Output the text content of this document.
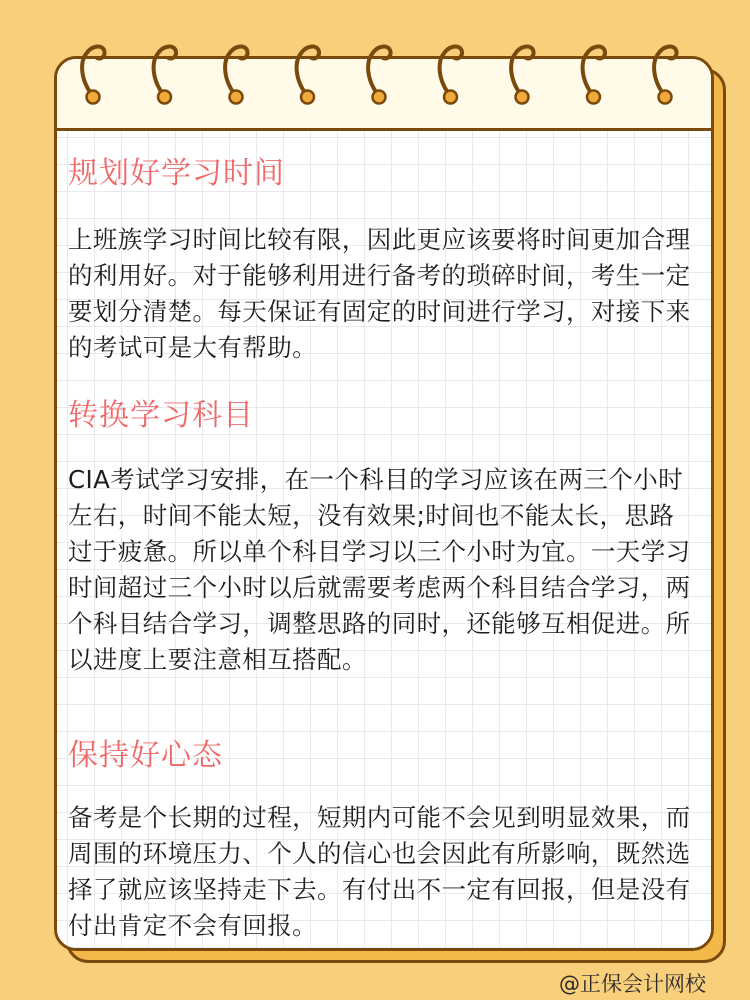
规划好学习时间

上班族学习时间比较有限，因此更应该要将时间更加合理的利用好。对于能够利用进行备考的琐碎时间，考生一定要划分清楚。每天保证有固定的时间进行学习，对接下来的考试可是大有帮助。

转换学习科目

CIA考试学习安排，在一个科目的学习应该在两三个小时左右，时间不能太短，没有效果;时间也不能太长，思路过于疲惫。所以单个科目学习以三个小时为宜。一天学习时间超过三个小时以后就需要考虑两个科目结合学习，两个科目结合学习，调整思路的同时，还能够互相促进。所以进度上要注意相互搭配。

保持好心态

备考是个长期的过程，短期内可能不会见到明显效果，而周围的环境压力、个人的信心也会因此有所影响，既然选择了就应该坚持走下去。有付出不一定有回报，但是没有付出肯定不会有回报。

@正保会计网校
